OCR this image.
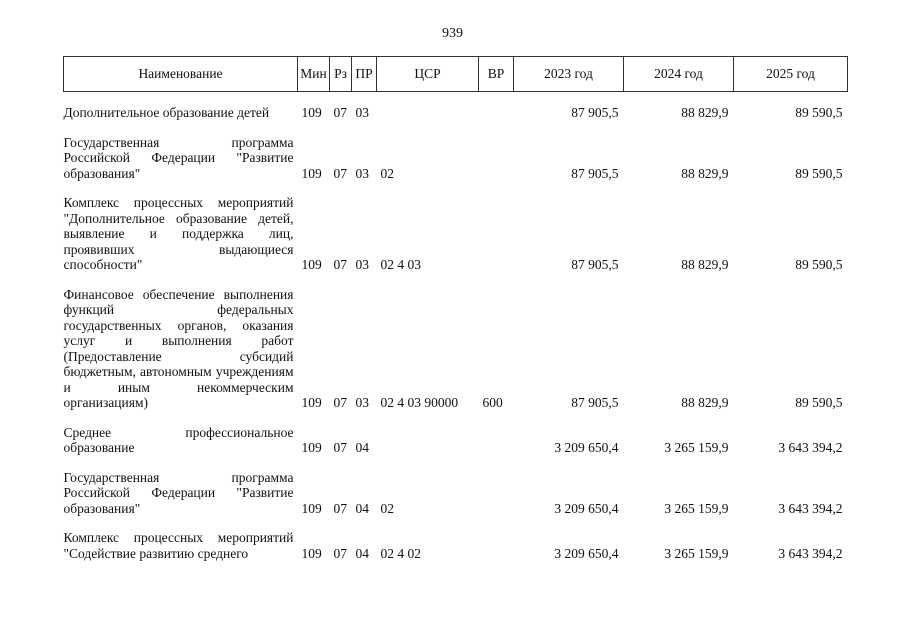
939
Наименование	Мин	Рз	ПР	ЦСР	ВР	2023 год	2024 год	2025 год
Дополнительное образование детей	109	07	03			87 905,5	88 829,9	89 590,5
Государственная программа Российской Федерации "Развитие образования"	109	07	03	02		87 905,5	88 829,9	89 590,5
Комплекс процессных мероприятий "Дополнительное образование детей, выявление и поддержка лиц, проявивших выдающиеся способности"	109	07	03	02 4 03		87 905,5	88 829,9	89 590,5
Финансовое обеспечение выполнения функций федеральных государственных органов, оказания услуг и выполнения работ (Предоставление субсидий бюджетным, автономным учреждениям и иным некоммерческим организациям)	109	07	03	02 4 03 90000	600	87 905,5	88 829,9	89 590,5
Среднее профессиональное образование	109	07	04			3 209 650,4	3 265 159,9	3 643 394,2
Государственная программа Российской Федерации "Развитие образования"	109	07	04	02		3 209 650,4	3 265 159,9	3 643 394,2
Комплекс процессных мероприятий "Содействие развитию среднего	109	07	04	02 4 02		3 209 650,4	3 265 159,9	3 643 394,2
